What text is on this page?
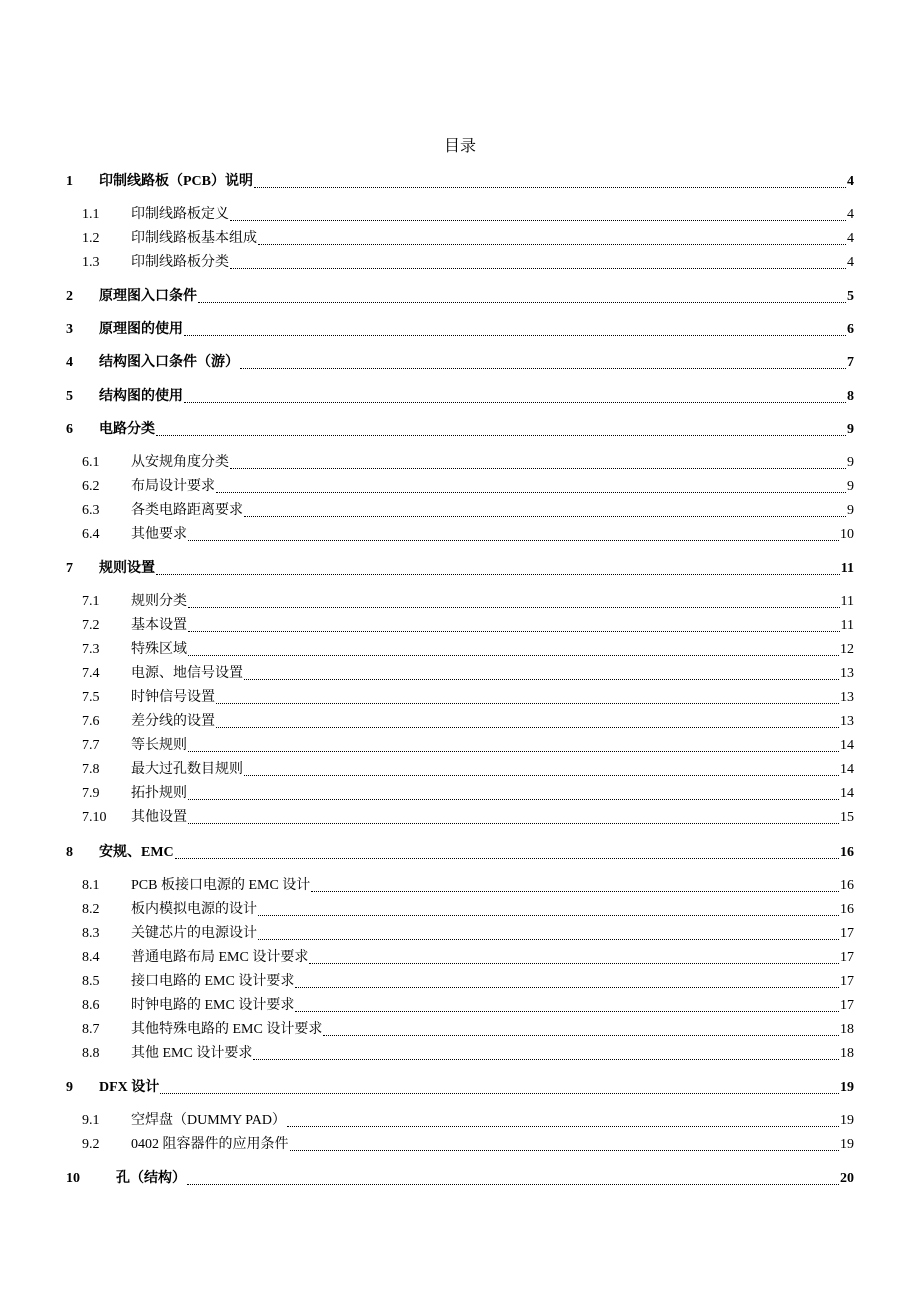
目录
1	印制线路板（PCB）说明	4
1.1	印制线路板定义	4
1.2	印制线路板基本组成	4
1.3	印制线路板分类	4
2	原理图入口条件	5
3	原理图的使用	6
4	结构图入口条件（游）	7
5	结构图的使用	8
6	电路分类	9
6.1	从安规角度分类	9
6.2	布局设计要求	9
6.3	各类电路距离要求	9
6.4	其他要求	10
7	规则设置	11
7.1	规则分类	11
7.2	基本设置	11
7.3	特殊区域	12
7.4	电源、地信号设置	13
7.5	时钟信号设置	13
7.6	差分线的设置	13
7.7	等长规则	14
7.8	最大过孔数目规则	14
7.9	拓扑规则	14
7.10	其他设置	15
8	安规、EMC	16
8.1	PCB 板接口电源的 EMC 设计	16
8.2	板内模拟电源的设计	16
8.3	关键芯片的电源设计	17
8.4	普通电路布局 EMC 设计要求	17
8.5	接口电路的 EMC 设计要求	17
8.6	时钟电路的 EMC 设计要求	17
8.7	其他特殊电路的 EMC 设计要求	18
8.8	其他 EMC 设计要求	18
9	DFX 设计	19
9.1	空焊盘（DUMMY PAD）	19
9.2	0402 阻容器件的应用条件	19
10	孔（结构）	20
